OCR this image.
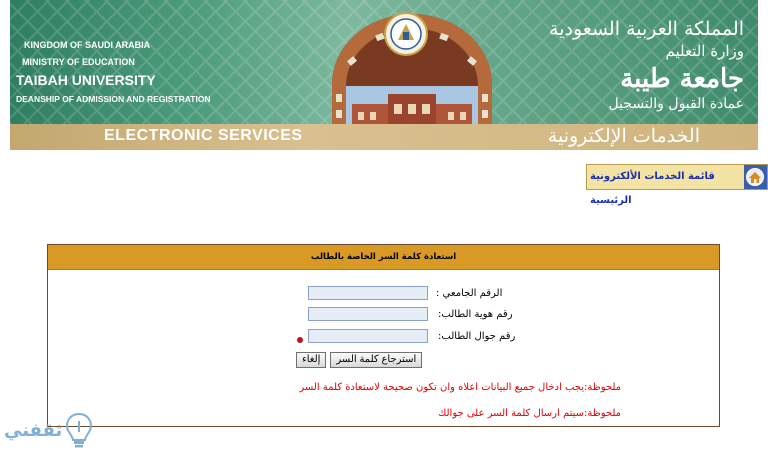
KINGDOM OF SAUDI ARABIA
MINISTRY OF EDUCATION
TAIBAH UNIVERSITY
DEANSHIP OF ADMISSION AND REGISTRATION
المملكة العربية السعودية
وزارة التعليم
جامعة طيبة
عمادة القبول والتسجيل
ELECTRONIC SERVICES	الخدمات الإلكترونية
قائمة الخدمات الألكترونية الرئيسية
استعادة كلمة السر الخاصة بالطالب
الرقم الجامعي :
رقم هوية الطالب:
رقم جوال الطالب:
إلغاء	استرجاع كلمة السر
ملحوظة:يجب ادخال جميع البيانات اعلاه وان تكون صحيحة لاستعادة كلمة السر
ملحوظة:سيتم ارسال كلمة السر على جوالك
ثقفني
